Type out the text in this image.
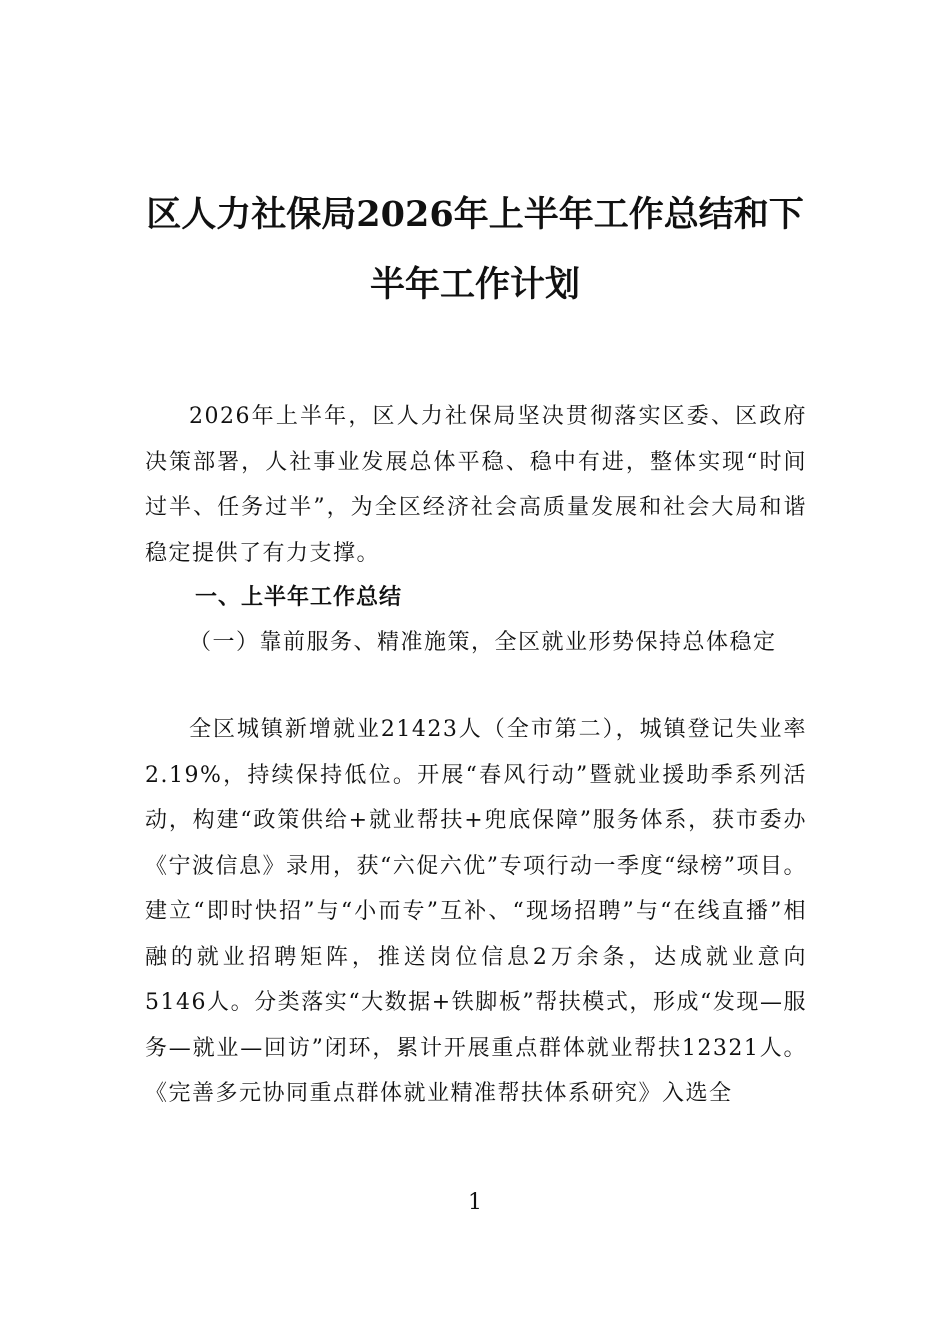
区人力社保局2026年上半年工作总结和下
半年工作计划

2026年上半年，区人力社保局坚决贯彻落实区委、区政府决策部署，人社事业发展总体平稳、稳中有进，整体实现“时间过半、任务过半”，为全区经济社会高质量发展和社会大局和谐稳定提供了有力支撑。

一、上半年工作总结

（一）靠前服务、精准施策，全区就业形势保持总体稳定

全区城镇新增就业21423人（全市第二），城镇登记失业率2.19%，持续保持低位。开展“春风行动”暨就业援助季系列活动，构建“政策供给+就业帮扶+兜底保障”服务体系，获市委办《宁波信息》录用，获“六促六优”专项行动一季度“绿榜”项目。建立“即时快招”与“小而专”互补、“现场招聘”与“在线直播”相融的就业招聘矩阵，推送岗位信息2万余条，达成就业意向5146人。分类落实“大数据+铁脚板”帮扶模式，形成“发现—服务—就业—回访”闭环，累计开展重点群体就业帮扶12321人。《完善多元协同重点群体就业精准帮扶体系研究》入选全

1
